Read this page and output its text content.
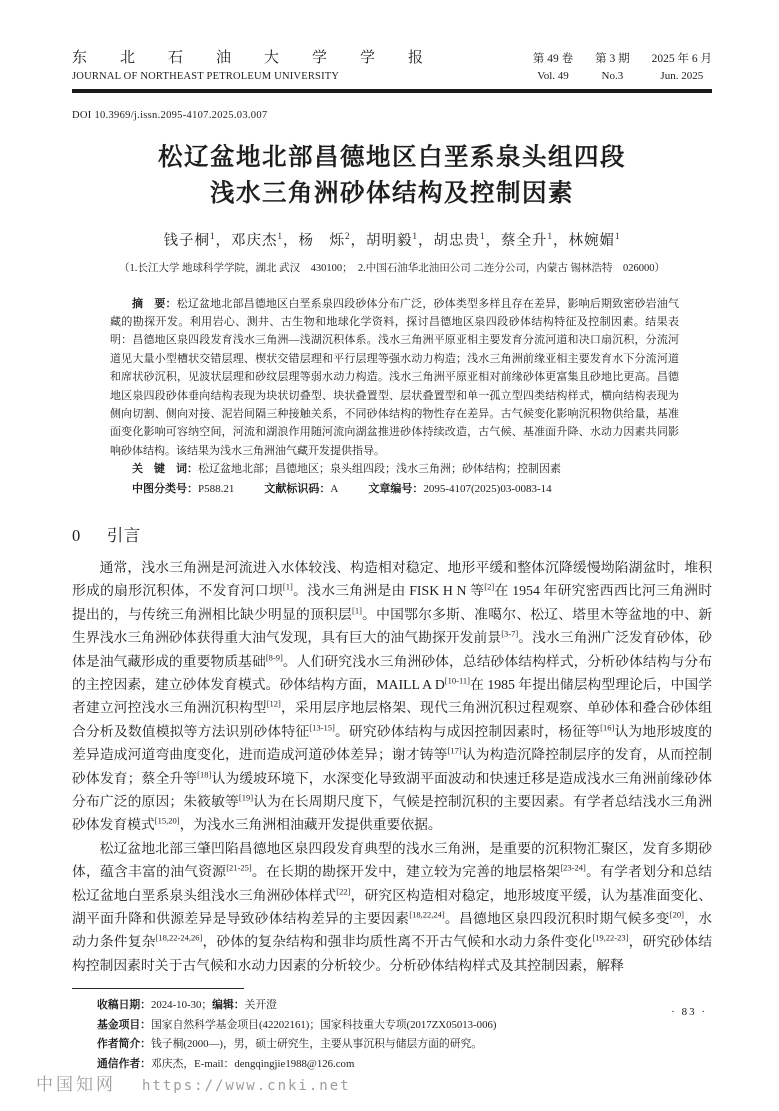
东 北 石 油 大 学 学 报
JOURNAL OF NORTHEAST PETROLEUM UNIVERSITY
第 49 卷 第 3 期 2025 年 6 月
Vol. 49	No.3	Jun. 2025
DOI 10.3969/j.issn.2095-4107.2025.03.007
松辽盆地北部昌德地区白垩系泉头组四段
浅水三角洲砂体结构及控制因素
钱子桐$^1$，邓庆杰$^1$，杨　烁$^2$，胡明毅$^1$，胡忠贵$^1$，蔡全升$^1$，林婉媚$^1$
（1.长江大学 地球科学学院，湖北 武汉　430100；　2.中国石油华北油田公司 二连分公司，内蒙古 锡林浩特　026000）

摘　要：松辽盆地北部昌德地区白垩系泉四段砂体分布广泛，砂体类型多样且存在差异，影响后期致密砂岩油气藏的勘探开发。利用岩心、测井、古生物和地球化学资料，探讨昌德地区泉四段砂体结构特征及控制因素。结果表明：昌德地区泉四段发育浅水三角洲—浅湖沉积体系。浅水三角洲平原亚相主要发育分流河道和决口扇沉积，分流河道见大量小型槽状交错层理、楔状交错层理和平行层理等强水动力构造；浅水三角洲前缘亚相主要发育水下分流河道和席状砂沉积，见波状层理和砂纹层理等弱水动力构造。浅水三角洲平原亚相对前缘砂体更富集且砂地比更高。昌德地区泉四段砂体垂向结构表现为块状切叠型、块状叠置型、层状叠置型和单一孤立型四类结构样式，横向结构表现为侧向切割、侧向对接、泥岩间隔三种接触关系，不同砂体结构的物性存在差异。古气候变化影响沉积物供给量，基准面变化影响可容纳空间，河流和湖浪作用随河流向湖盆推进砂体持续改造，古气候、基准面升降、水动力因素共同影响砂体结构。该结果为浅水三角洲油气藏开发提供指导。

关　键　词：松辽盆地北部；昌德地区；泉头组四段；浅水三角洲；砂体结构；控制因素

中图分类号：P588.21	文献标识码：A	文章编号：2095-4107(2025)03-0083-14

0 引言

通常，浅水三角洲是河流进入水体较浅、构造相对稳定、地形平缓和整体沉降缓慢坳陷湖盆时，堆积形成的扇形沉积体，不发育河口坝[1]。浅水三角洲是由 FISK H N 等[2]在 1954 年研究密西西比河三角洲时提出的，与传统三角洲相比缺少明显的顶积层[1]。中国鄂尔多斯、准噶尔、松辽、塔里木等盆地的中、新生界浅水三角洲砂体获得重大油气发现，具有巨大的油气勘探开发前景[3-7]。浅水三角洲广泛发育砂体，砂体是油气藏形成的重要物质基础[8-9]。人们研究浅水三角洲砂体，总结砂体结构样式，分析砂体结构与分布的主控因素，建立砂体发育模式。砂体结构方面，MAILL A D[10-11]在 1985 年提出储层构型理论后，中国学者建立河控浅水三角洲沉积构型[12]，采用层序地层格架、现代三角洲沉积过程观察、单砂体和叠合砂体组合分析及数值模拟等方法识别砂体特征[13-15]。研究砂体结构与成因控制因素时，杨征等[16]认为地形坡度的差异造成河道弯曲度变化，进而造成河道砂体差异；谢才铸等[17]认为构造沉降控制层序的发育，从而控制砂体发育；蔡全升等[18]认为缓坡环境下，水深变化导致湖平面波动和快速迁移是造成浅水三角洲前缘砂体分布广泛的原因；朱筱敏等[19]认为在长周期尺度下，气候是控制沉积的主要因素。有学者总结浅水三角洲砂体发育模式[15,20]，为浅水三角洲相油藏开发提供重要依据。

松辽盆地北部三肇凹陷昌德地区泉四段发育典型的浅水三角洲，是重要的沉积物汇聚区，发育多期砂体，蕴含丰富的油气资源[21-25]。在长期的勘探开发中，建立较为完善的地层格架[23-24]。有学者划分和总结松辽盆地白垩系泉头组浅水三角洲砂体样式[22]，研究区构造相对稳定，地形坡度平缓，认为基准面变化、湖平面升降和供源差异是导致砂体结构差异的主要因素[18,22,24]。昌德地区泉四段沉积时期气候多变[20]，水动力条件复杂[18,22-24,26]，砂体的复杂结构和强非均质性离不开古气候和水动力条件变化[19,22-23]，研究砂体结构控制因素时关于古气候和水动力因素的分析较少。分析砂体结构样式及其控制因素，解释

收稿日期：2024-10-30；编辑：关开澄
基金项目：国家自然科学基金项目(42202161)；国家科技重大专项(2017ZX05013-006)
作者简介：钱子桐(2000—)，男，硕士研究生，主要从事沉积与储层方面的研究。
通信作者：邓庆杰，E-mail：dengqingjie1988@126.com
· 83 ·
中国知网 https://www.cnki.net
